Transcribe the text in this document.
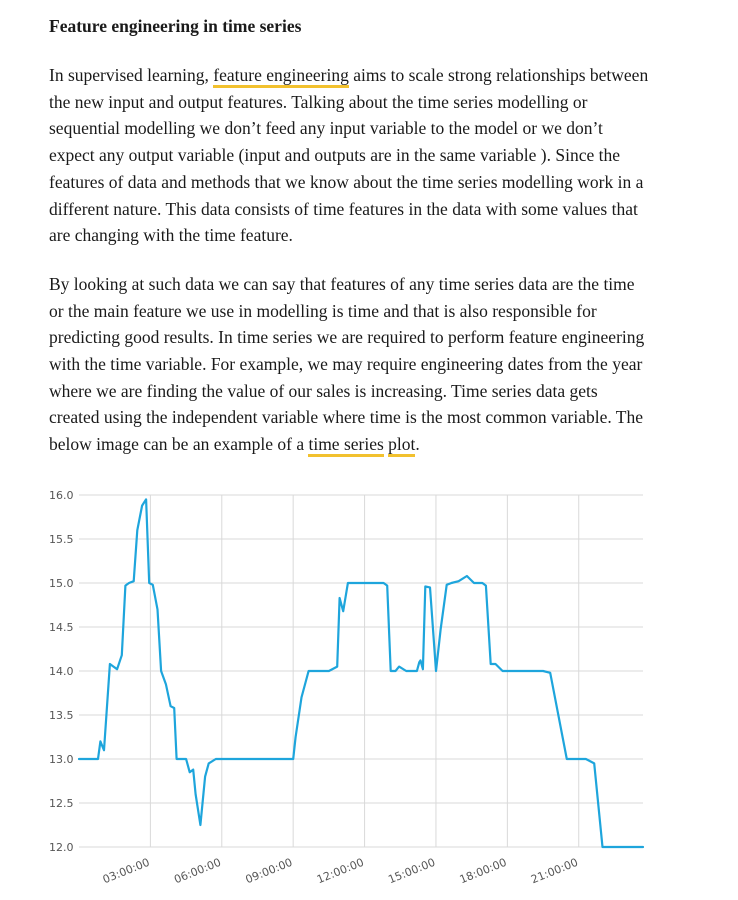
Feature engineering in time series

In supervised learning, feature engineering aims to scale strong relationships between the new input and output features. Talking about the time series modelling or sequential modelling we don’t feed any input variable to the model or we don’t expect any output variable (input and outputs are in the same variable ). Since the features of data and methods that we know about the time series modelling work in a different nature. This data consists of time features in the data with some values that are changing with the time feature.

By looking at such data we can say that features of any time series data are the time or the main feature we use in modelling is time and that is also responsible for predicting good results. In time series we are required to perform feature engineering with the time variable. For example, we may require engineering dates from the year where we are finding the value of our sales is increasing. Time series data gets created using the independent variable where time is the most common variable. The below image can be an example of a time series plot.

12.0
12.5
13.0
13.5
14.0
14.5
15.0
15.5
16.0
03:00:00 06:00:00 09:00:00 12:00:00 15:00:00 18:00:00 21:00:00
